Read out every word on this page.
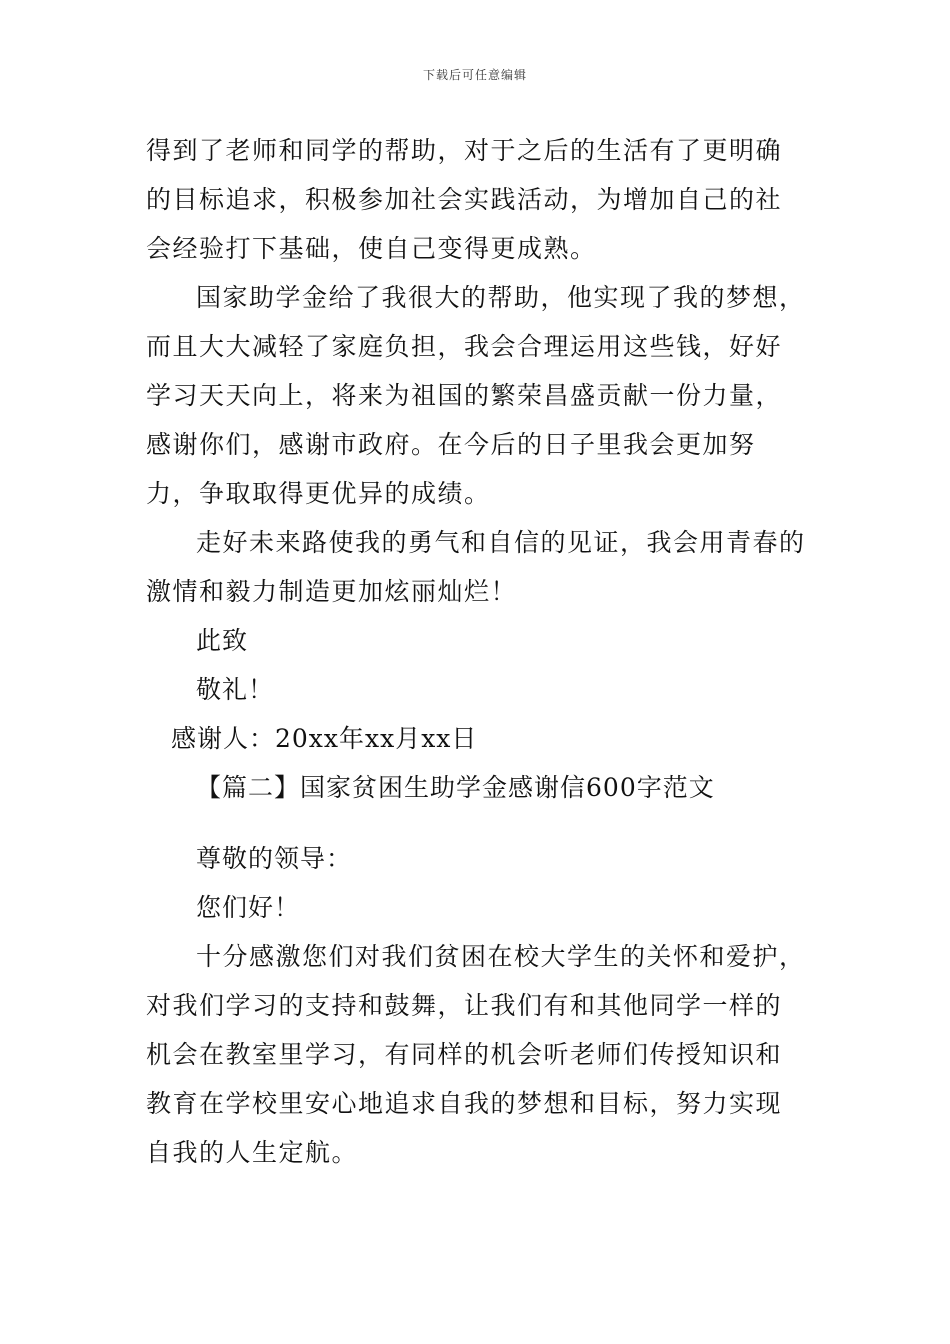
下载后可任意编辑

得到了老师和同学的帮助，对于之后的生活有了更明确的目标追求，积极参加社会实践活动，为增加自己的社会经验打下基础，使自己变得更成熟。

国家助学金给了我很大的帮助，他实现了我的梦想，而且大大减轻了家庭负担，我会合理运用这些钱，好好学习天天向上，将来为祖国的繁荣昌盛贡献一份力量，感谢你们，感谢市政府。在今后的日子里我会更加努力，争取取得更优异的成绩。

走好未来路使我的勇气和自信的见证，我会用青春的激情和毅力制造更加炫丽灿烂！

此致

敬礼！

感谢人：20xx年xx月xx日

【篇二】国家贫困生助学金感谢信600字范文

尊敬的领导：

您们好！

十分感激您们对我们贫困在校大学生的关怀和爱护，对我们学习的支持和鼓舞，让我们有和其他同学一样的机会在教室里学习，有同样的机会听老师们传授知识和教育在学校里安心地追求自我的梦想和目标，努力实现自我的人生定航。
